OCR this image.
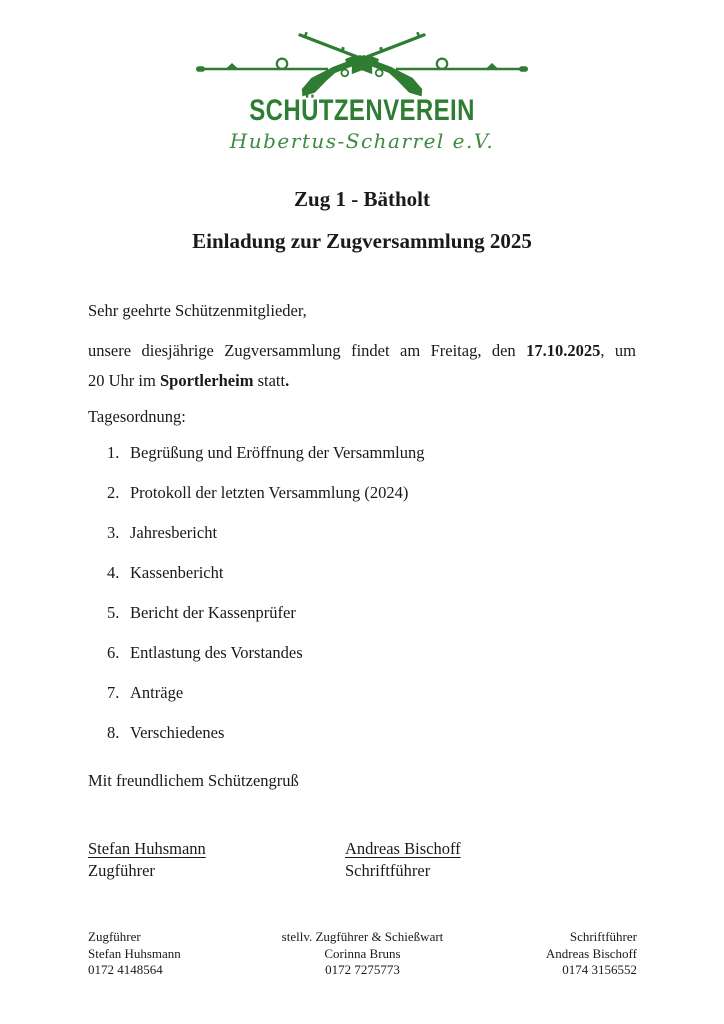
SCHÜTZENVEREIN
Hubertus-Scharrel e.V.
Zug 1 - Bätholt
Einladung zur Zugversammlung 2025

Sehr geehrte Schützenmitglieder,

unsere diesjährige Zugversammlung findet am Freitag, den 17.10.2025, um
20 Uhr im Sportlerheim statt.

Tagesordnung:

1. Begrüßung und Eröffnung der Versammlung
2. Protokoll der letzten Versammlung (2024)
3. Jahresbericht
4. Kassenbericht
5. Bericht der Kassenprüfer
6. Entlastung des Vorstandes
7. Anträge
8. Verschiedenes

Mit freundlichem Schützengruß

Stefan Huhsmann
Zugführer
Andreas Bischoff
Schriftführer
Zugführer
Stefan Huhsmann
0172 4148564
stellv. Zugführer & Schießwart
Corinna Bruns
0172 7275773
Schriftführer
Andreas Bischoff
0174 3156552
